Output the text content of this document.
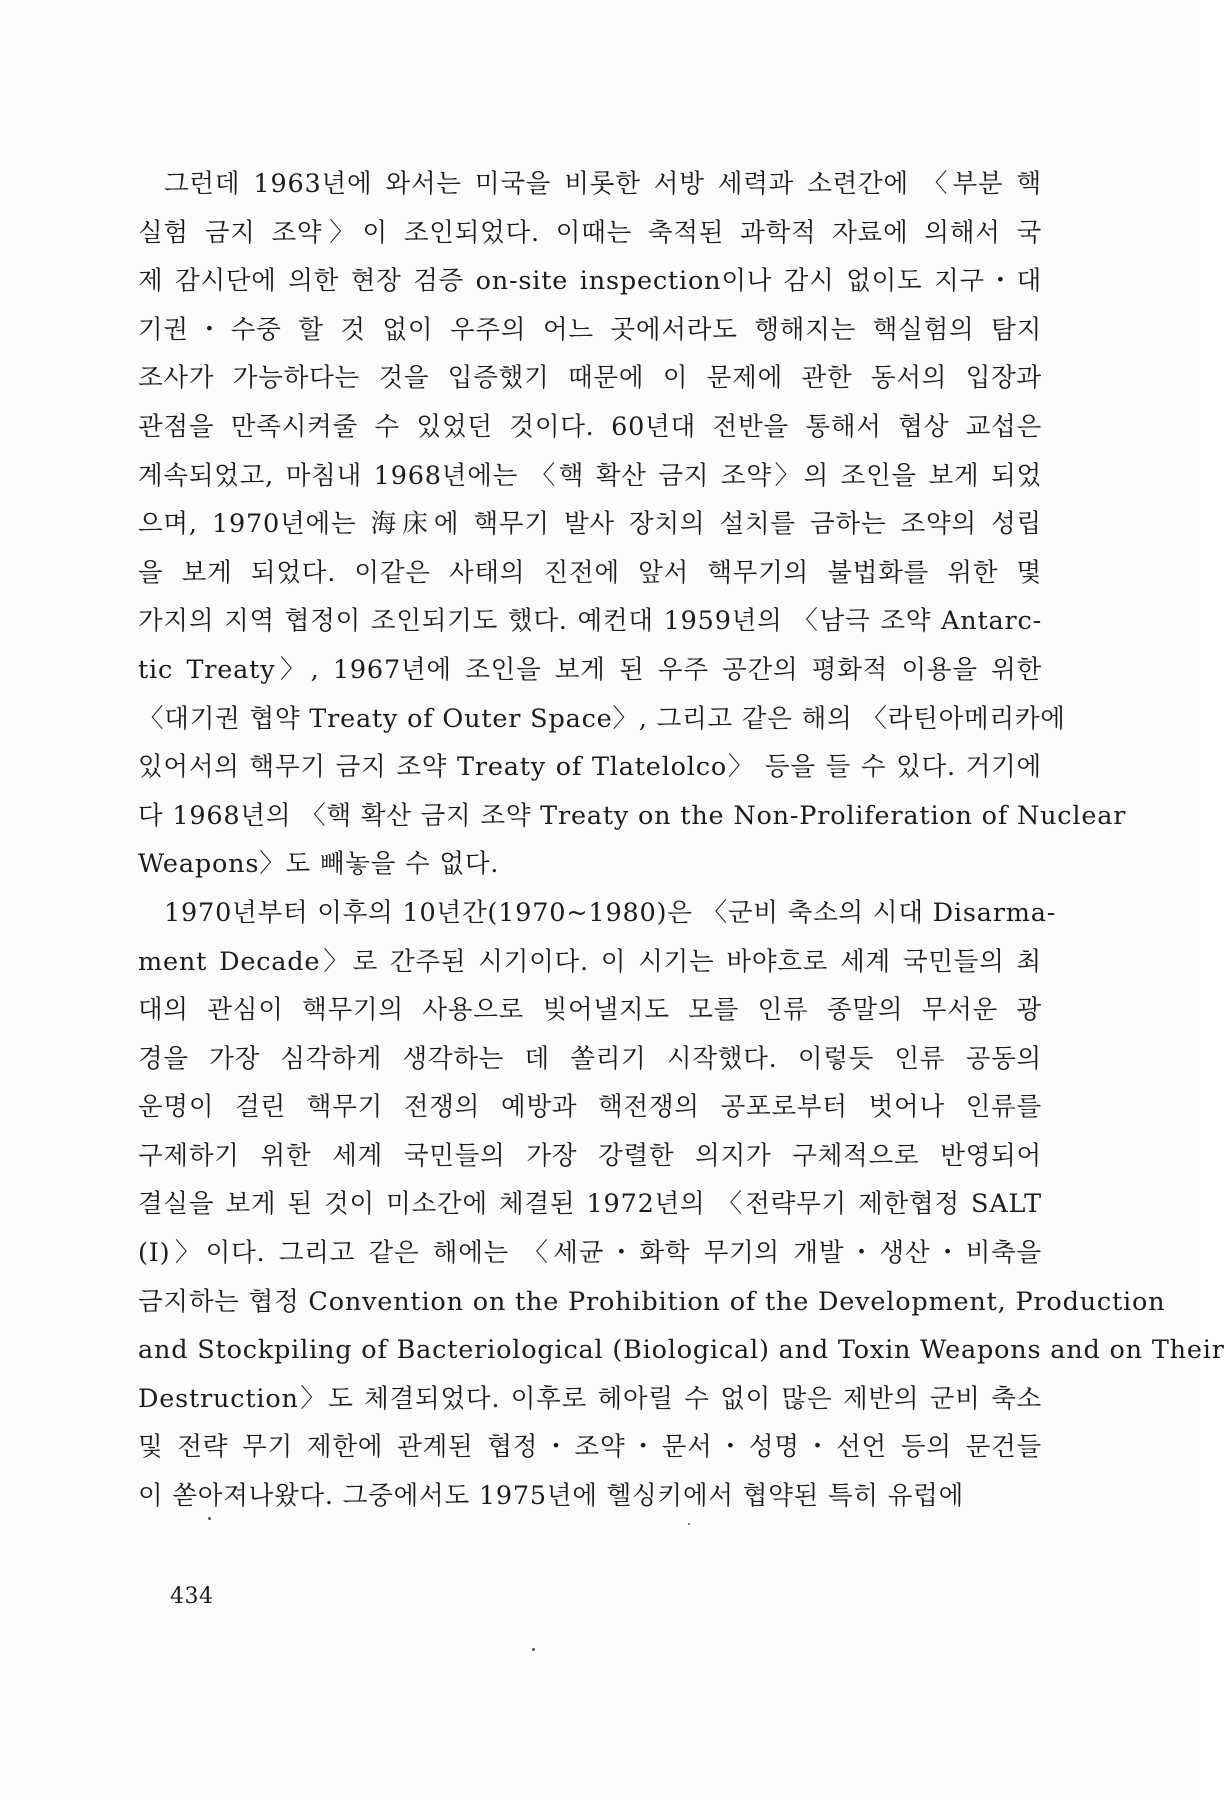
그런데 1963년에 와서는 미국을 비롯한 서방 세력과 소련간에 〈부분 핵
실험 금지 조약〉이 조인되었다. 이때는 축적된 과학적 자료에 의해서 국
제 감시단에 의한 현장 검증 on-site inspection이나 감시 없이도 지구・대
기권・수중 할 것 없이 우주의 어느 곳에서라도 행해지는 핵실험의 탐지
조사가 가능하다는 것을 입증했기 때문에 이 문제에 관한 동서의 입장과
관점을 만족시켜줄 수 있었던 것이다. 60년대 전반을 통해서 협상 교섭은
계속되었고, 마침내 1968년에는 〈핵 확산 금지 조약〉의 조인을 보게 되었
으며, 1970년에는 海床에 핵무기 발사 장치의 설치를 금하는 조약의 성립
을 보게 되었다. 이같은 사태의 진전에 앞서 핵무기의 불법화를 위한 몇
가지의 지역 협정이 조인되기도 했다. 예컨대 1959년의 〈남극 조약 Antarc-
tic Treaty〉, 1967년에 조인을 보게 된 우주 공간의 평화적 이용을 위한
〈대기권 협약 Treaty of Outer Space〉, 그리고 같은 해의 〈라틴아메리카에
있어서의 핵무기 금지 조약 Treaty of Tlatelolco〉 등을 들 수 있다. 거기에
다 1968년의 〈핵 확산 금지 조약 Treaty on the Non-Proliferation of Nuclear
Weapons〉도 빼놓을 수 없다.
1970년부터 이후의 10년간(1970~1980)은 〈군비 축소의 시대 Disarma-
ment Decade〉로 간주된 시기이다. 이 시기는 바야흐로 세계 국민들의 최
대의 관심이 핵무기의 사용으로 빚어낼지도 모를 인류 종말의 무서운 광
경을 가장 심각하게 생각하는 데 쏠리기 시작했다. 이렇듯 인류 공동의
운명이 걸린 핵무기 전쟁의 예방과 핵전쟁의 공포로부터 벗어나 인류를
구제하기 위한 세계 국민들의 가장 강렬한 의지가 구체적으로 반영되어
결실을 보게 된 것이 미소간에 체결된 1972년의 〈전략무기 제한협정 SALT
(I)〉이다. 그리고 같은 해에는 〈세균・화학 무기의 개발・생산・비축을
금지하는 협정 Convention on the Prohibition of the Development, Production
and Stockpiling of Bacteriological (Biological) and Toxin Weapons and on Their
Destruction〉도 체결되었다. 이후로 헤아릴 수 없이 많은 제반의 군비 축소
및 전략 무기 제한에 관계된 협정・조약・문서・성명・선언 등의 문건들
이 쏟아져나왔다. 그중에서도 1975년에 헬싱키에서 협약된 특히 유럽에
434
